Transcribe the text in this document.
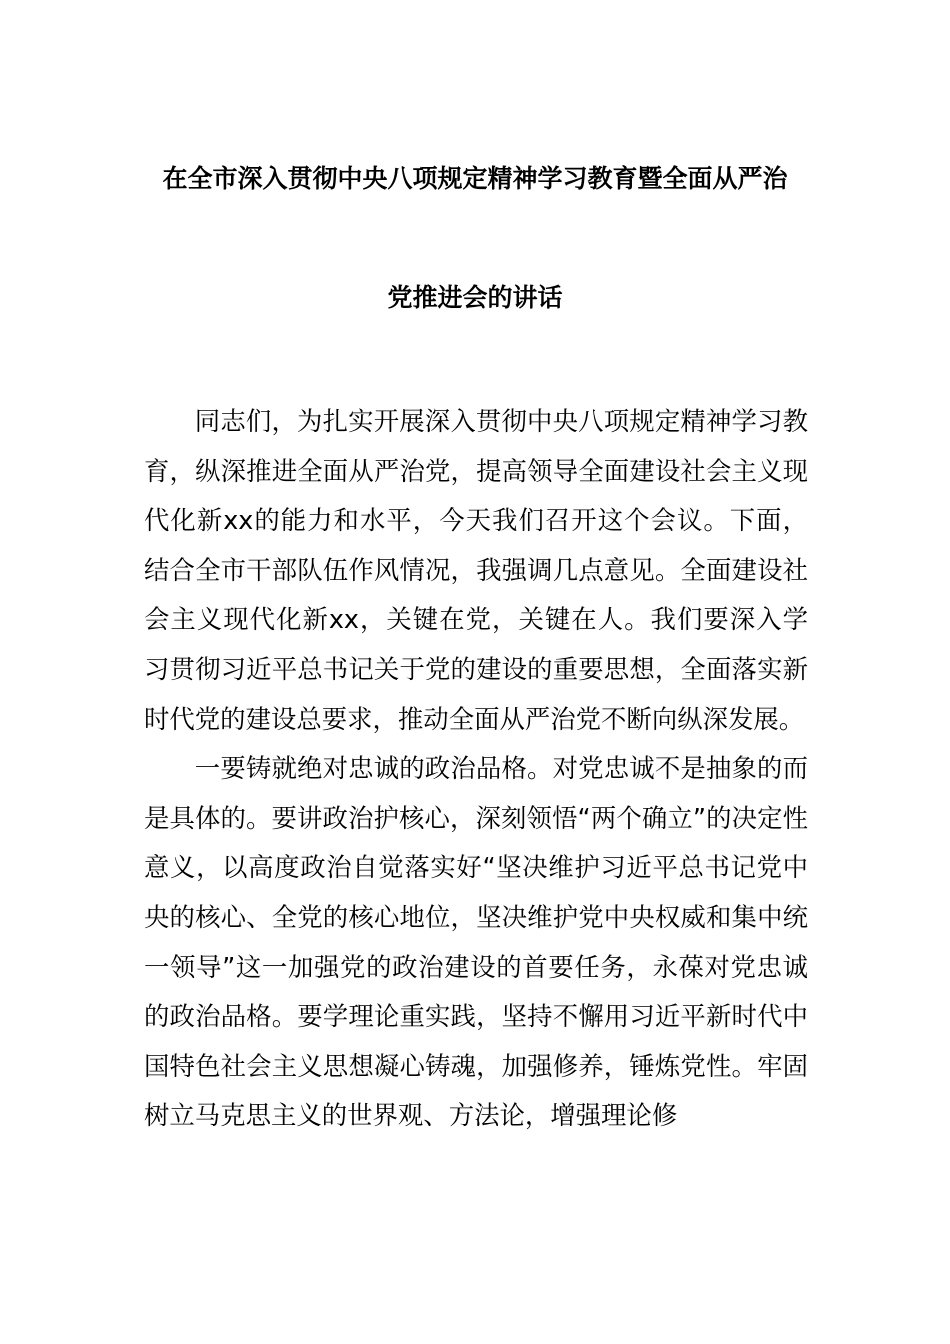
在全市深入贯彻中央八项规定精神学习教育暨全面从严治
党推进会的讲话

同志们，为扎实开展深入贯彻中央八项规定精神学习教育，纵深推进全面从严治党，提高领导全面建设社会主义现代化新xx的能力和水平，今天我们召开这个会议。下面，结合全市干部队伍作风情况，我强调几点意见。全面建设社会主义现代化新xx，关键在党，关键在人。我们要深入学习贯彻习近平总书记关于党的建设的重要思想，全面落实新时代党的建设总要求，推动全面从严治党不断向纵深发展。

一要铸就绝对忠诚的政治品格。对党忠诚不是抽象的而是具体的。要讲政治护核心，深刻领悟“两个确立”的决定性意义，以高度政治自觉落实好“坚决维护习近平总书记党中央的核心、全党的核心地位，坚决维护党中央权威和集中统一领导”这一加强党的政治建设的首要任务，永葆对党忠诚的政治品格。要学理论重实践，坚持不懈用习近平新时代中国特色社会主义思想凝心铸魂，加强修养，锤炼党性。牢固树立马克思主义的世界观、方法论，增强理论修
